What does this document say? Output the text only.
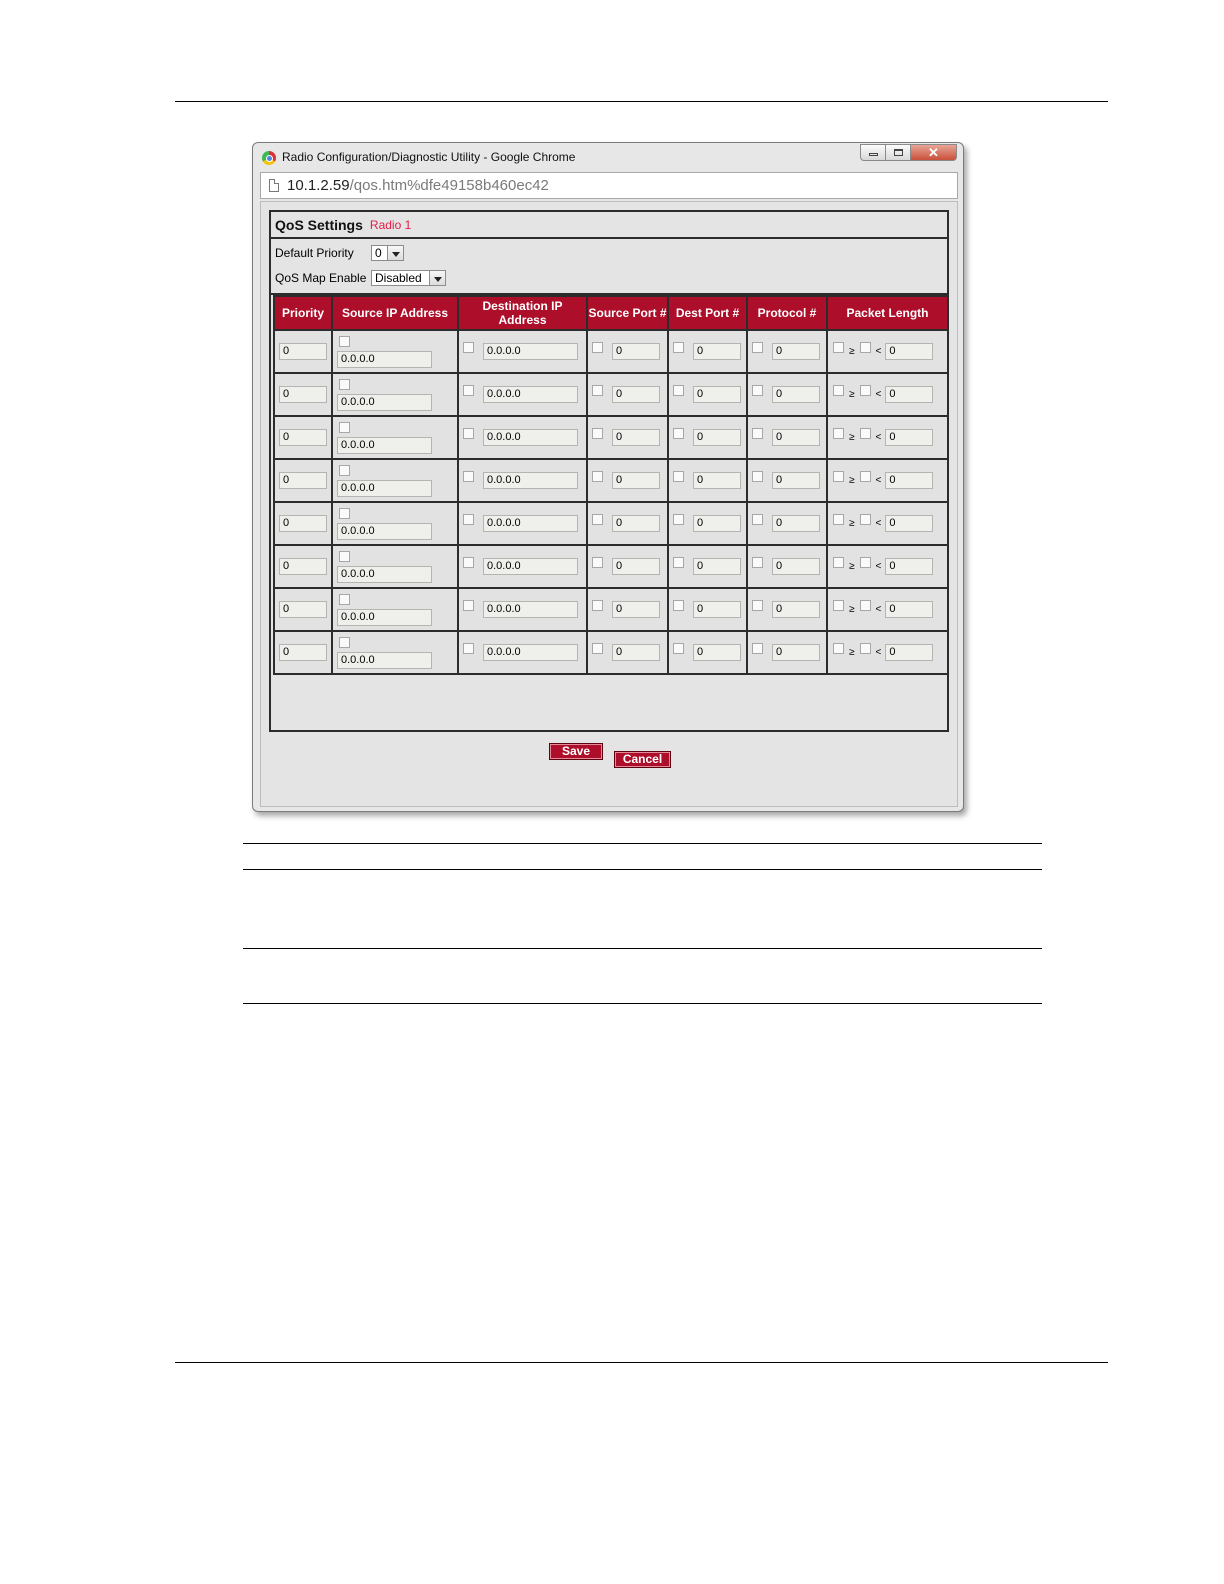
Radio Configuration/Diagnostic Utility - Google Chrome	✕
10.1.2.59/qos.htm%dfe49158b460ec42
QoS Settings Radio 1
Default Priority	0
QoS Map Enable Disabled
Priority	Source IP Address	Destination IP Address	Source Port #	Dest Port #	Protocol #	Packet Length

0	0.0.0.0	0.0.0.0	0	0	0	≥ < 0

0	0.0.0.0	0.0.0.0	0	0	0	≥ < 0

0	0.0.0.0	0.0.0.0	0	0	0	≥ < 0

0	0.0.0.0	0.0.0.0	0	0	0	≥ < 0

0	0.0.0.0	0.0.0.0	0	0	0	≥ < 0

0	0.0.0.0	0.0.0.0	0	0	0	≥ < 0

0	0.0.0.0	0.0.0.0	0	0	0	≥ < 0

0	0.0.0.0	0.0.0.0	0	0	0	≥ < 0
Save
Cancel
